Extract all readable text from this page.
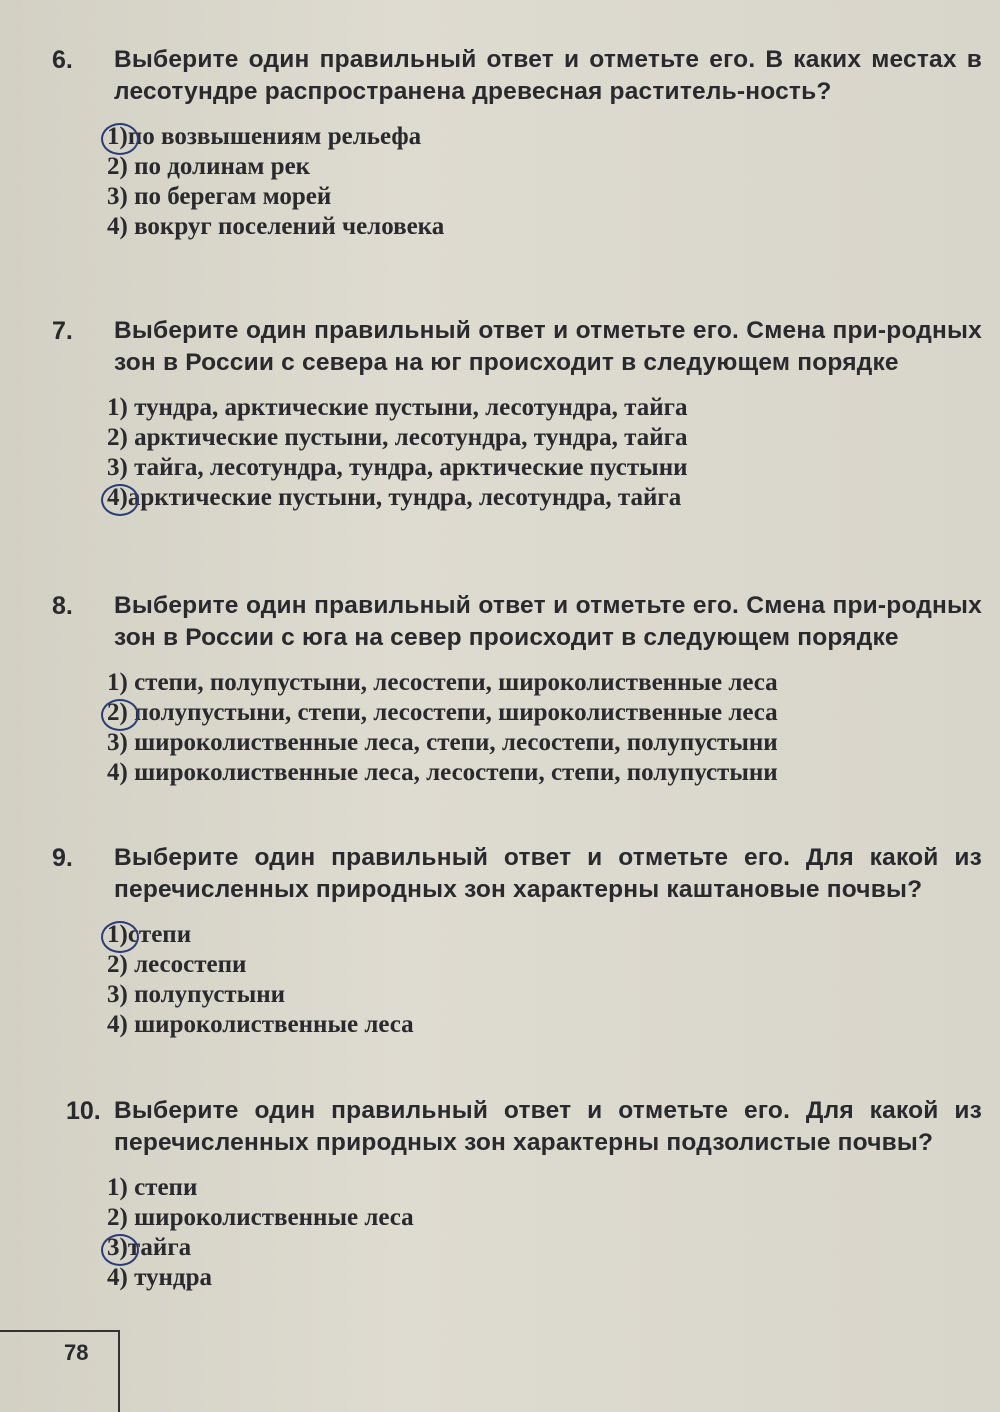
6. Выберите один правильный ответ и отметьте его. В каких местах в лесотундре распространена древесная раститель-ность?
1)по возвышениям рельефа
2) по долинам рек
3) по берегам морей
4) вокруг поселений человека
7. Выберите один правильный ответ и отметьте его. Смена при-родных зон в России с севера на юг происходит в следующем порядке
1) тундра, арктические пустыни, лесотундра, тайга
2) арктические пустыни, лесотундра, тундра, тайга
3) тайга, лесотундра, тундра, арктические пустыни
4)арктические пустыни, тундра, лесотундра, тайга
8. Выберите один правильный ответ и отметьте его. Смена при-родных зон в России с юга на север происходит в следующем порядке
1) степи, полупустыни, лесостепи, широколиственные леса
2) полупустыни, степи, лесостепи, широколиственные леса
3) широколиственные леса, степи, лесостепи, полупустыни
4) широколиственные леса, лесостепи, степи, полупустыни
9. Выберите один правильный ответ и отметьте его. Для какой из перечисленных природных зон характерны каштановые почвы?
1)степи
2) лесостепи
3) полупустыни
4) широколиственные леса
10. Выберите один правильный ответ и отметьте его. Для какой из перечисленных природных зон характерны подзолистые почвы?
1) степи
2) широколиственные леса
3)тайга
4) тундра
78
